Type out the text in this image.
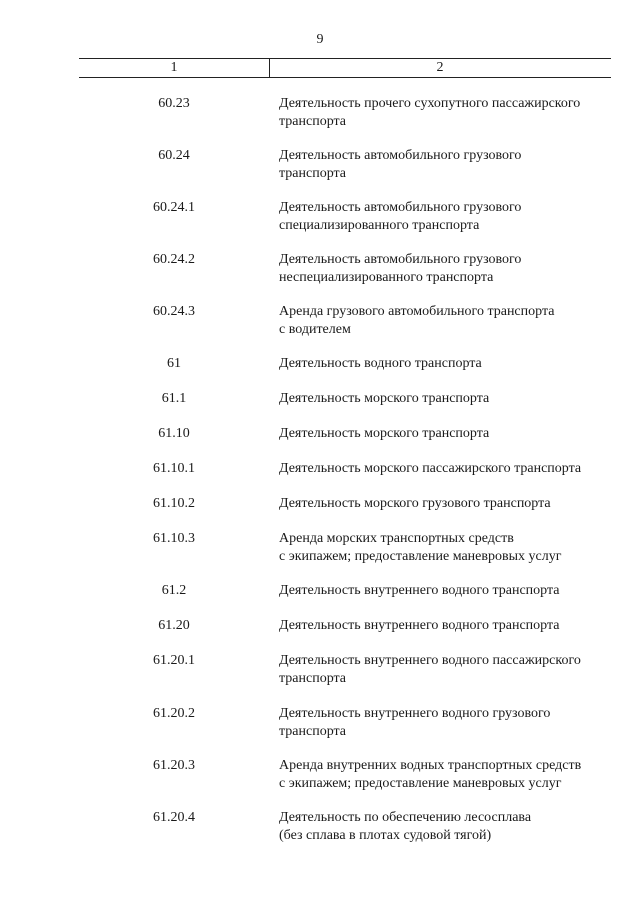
9
1	2
60.23	Деятельность прочего сухопутного пассажирского
транспорта
60.24	Деятельность автомобильного грузового
транспорта
60.24.1	Деятельность автомобильного грузового
специализированного транспорта
60.24.2	Деятельность автомобильного грузового
неспециализированного транспорта
60.24.3	Аренда грузового автомобильного транспорта
с водителем
61	Деятельность водного транспорта
61.1	Деятельность морского транспорта
61.10	Деятельность морского транспорта
61.10.1	Деятельность морского пассажирского транспорта
61.10.2	Деятельность морского грузового транспорта
61.10.3	Аренда морских транспортных средств
с экипажем; предоставление маневровых услуг
61.2	Деятельность внутреннего водного транспорта
61.20	Деятельность внутреннего водного транспорта
61.20.1	Деятельность внутреннего водного пассажирского
транспорта
61.20.2	Деятельность внутреннего водного грузового
транспорта
61.20.3	Аренда внутренних водных транспортных средств
с экипажем; предоставление маневровых услуг
61.20.4	Деятельность по обеспечению лесосплава
(без сплава в плотах судовой тягой)
